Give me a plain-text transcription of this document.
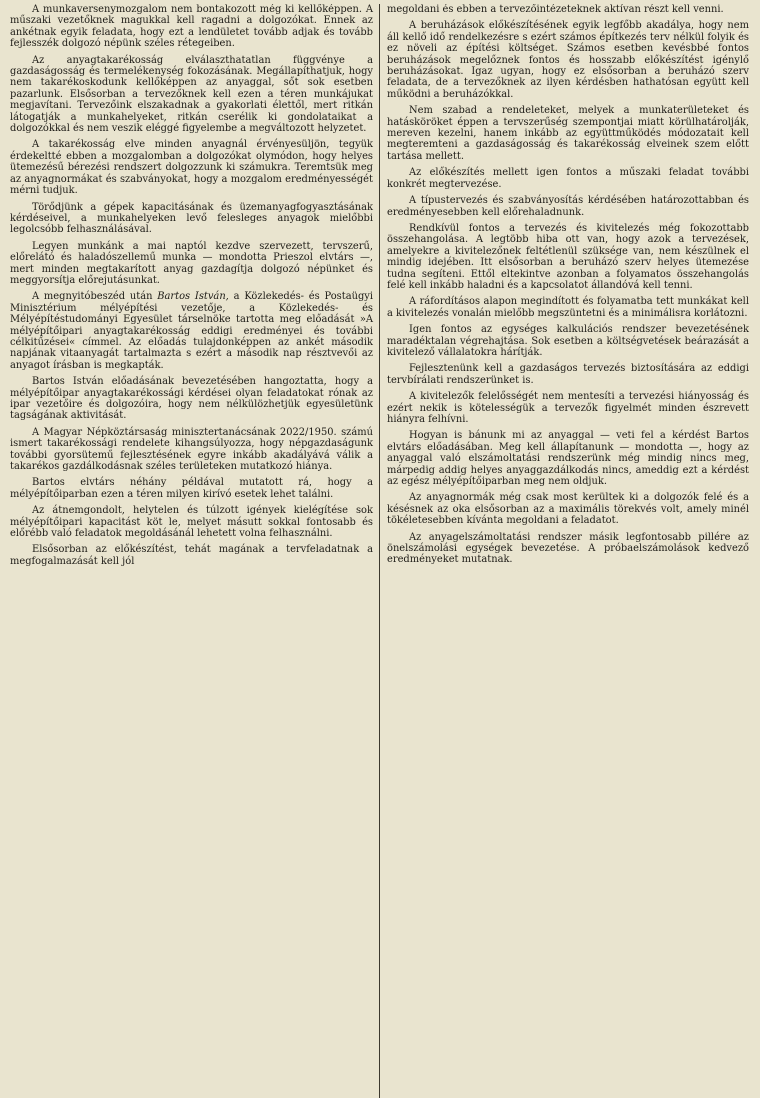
A munkaversenymozgalom nem bontakozott még ki kellőképpen. A műszaki vezetőknek magukkal kell ragadni a dolgozókat. Ennek az ankétnak egyik feladata, hogy ezt a lendületet tovább adjak és tovább fejlesszék dolgozó népünk széles rétegeiben.

Az anyagtakarékosság elválaszthatatlan függvénye a gazdaságosság és termelékenység fokozásának. Megállapíthatjuk, hogy nem takarékoskodunk kellőképpen az anyaggal, sőt sok esetben pazarlunk. Elsősorban a tervezőknek kell ezen a téren munkájukat megjavítani. Tervezőink elszakadnak a gyakorlati élettől, mert ritkán látogatják a munkahelyeket, ritkán cserélik ki gondolataikat a dolgozókkal és nem veszik eléggé figyelembe a megváltozott helyzetet.

A takarékosság elve minden anyagnál érvényesüljön, tegyük érdekeltté ebben a mozgalomban a dolgozókat olymódon, hogy helyes ütemezésű bérezési rendszert dolgozzunk ki számukra. Teremtsük meg az anyagnormákat és szabványokat, hogy a mozgalom eredményességét mérni tudjuk.

Törődjünk a gépek kapacitásának és üzemanyagfogyasztásának kérdéseivel, a munkahelyeken levő felesleges anyagok mielőbbi legolcsóbb felhasználásával.

Legyen munkánk a mai naptól kezdve szervezett, tervszerű, előrelátó és haladószellemű munka — mondotta Prieszol elvtárs —, mert minden megtakarított anyag gazdagítja dolgozó népünket és meggyorsítja előrejutásunkat.

A megnyitóbeszéd után Bartos István, a Közlekedés- és Postaügyi Minisztérium mélyépítési vezetője, a Közlekedés- és Mélyépítéstudományi Egyesület társelnöke tartotta meg előadását »A mélyépítőipari anyagtakarékosság eddigi eredményei és további célkitűzései« címmel. Az előadás tulajdonképpen az ankét második napjának vitaanyagát tartalmazta s ezért a második nap résztvevői az anyagot írásban is megkapták.

Bartos István előadásának bevezetésében hangoztatta, hogy a mélyépítőipar anyagtakarékossági kérdései olyan feladatokat rónak az ipar vezetőire és dolgozóira, hogy nem nélkülözhetjük egyesületünk tagságának aktivitását.

A Magyar Népköztársaság minisztertanácsának 2022/1950. számú ismert takarékossági rendelete kihangsúlyozza, hogy népgazdaságunk további gyorsütemű fejlesztésének egyre inkább akadályává válik a takarékos gazdálkodásnak széles területeken mutatkozó hiánya.

Bartos elvtárs néhány példával mutatott rá, hogy a mélyépítőiparban ezen a téren milyen kirívó esetek lehet találni.

Az átnemgondolt, helytelen és túlzott igények kielégítése sok mélyépítőipari kapacitást köt le, melyet másutt sokkal fontosabb és előrébb való feladatok megoldásánál lehetett volna felhasználni.

Elsősorban az előkészítést, tehát magának a tervfeladatnak a megfogalmazását kell jól

megoldani és ebben a tervezőintézeteknek aktívan részt kell venni.

A beruházások előkészítésének egyik legfőbb akadálya, hogy nem áll kellő idő rendelkezésre s ezért számos építkezés terv nélkül folyik és ez növeli az építési költséget. Számos esetben kevésbbé fontos beruházások megelőznek fontos és hosszabb előkészítést igénylő beruházásokat. Igaz ugyan, hogy ez elsősorban a beruházó szerv feladata, de a tervezőknek az ilyen kérdésben hathatósan együtt kell működni a beruházókkal.

Nem szabad a rendeleteket, melyek a munkaterületeket és hatásköröket éppen a tervszerűség szempontjai miatt körülhatárolják, mereven kezelni, hanem inkább az együttműködés módozatait kell megteremteni a gazdaságosság és takarékosság elveinek szem előtt tartása mellett.

Az előkészítés mellett igen fontos a műszaki feladat további konkrét megtervezése.

A típustervezés és szabványosítás kérdésében határozottabban és eredményesebben kell előrehaladnunk.

Rendkívül fontos a tervezés és kivitelezés még fokozottabb összehangolása. A legtöbb hiba ott van, hogy azok a tervezések, amelyekre a kivitelezőnek feltétlenül szüksége van, nem készülnek el mindig idejében. Itt elsősorban a beruházó szerv helyes ütemezése tudna segíteni. Ettől eltekintve azonban a folyamatos összehangolás felé kell inkább haladni és a kapcsolatot állandóvá kell tenni.

A ráfordításos alapon megindított és folyamatba tett munkákat kell a kivitelezés vonalán mielőbb megszüntetni és a minimálisra korlátozni.

Igen fontos az egységes kalkulációs rendszer bevezetésének maradéktalan végrehajtása. Sok esetben a költségvetések beárazását a kivitelező vállalatokra hárítják.

Fejlesztenünk kell a gazdaságos tervezés biztosítására az eddigi tervbírálati rendszerünket is.

A kivitelezők felelősségét nem mentesíti a tervezési hiányosság és ezért nekik is kötelességük a tervezők figyelmét minden észrevett hiányra felhívni.

Hogyan is bánunk mi az anyaggal — veti fel a kérdést Bartos elvtárs előadásában. Meg kell állapítanunk — mondotta —, hogy az anyaggal való elszámoltatási rendszerünk még mindig nincs meg, márpedig addig helyes anyaggazdálkodás nincs, ameddig ezt a kérdést az egész mélyépítőiparban meg nem oldjuk.

Az anyagnormák még csak most kerültek ki a dolgozók felé és a késésnek az oka elsősorban az a maximális törekvés volt, amely minél tökéletesebben kívánta megoldani a feladatot.

Az anyagelszámoltatási rendszer másik legfontosabb pillére az önelszámolási egységek bevezetése. A próbaelszámolások kedvező eredményeket mutatnak.
